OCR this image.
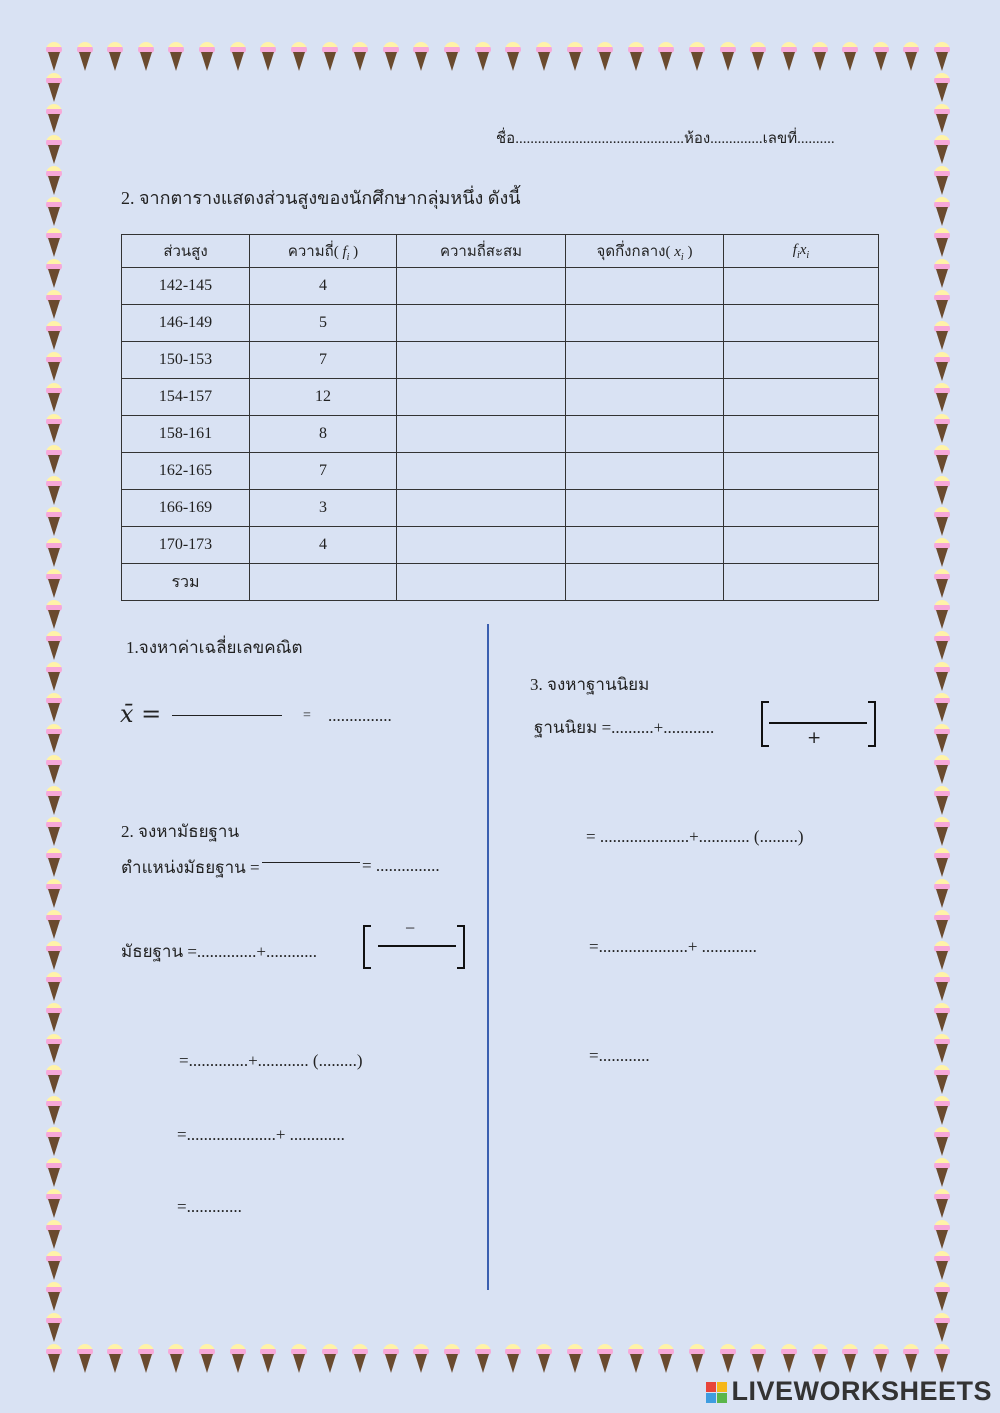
ชื่อ.............................................ห้อง..............เลขที่..........
2. จากตารางแสดงส่วนสูงของนักศึกษากลุ่มหนึ่ง ดังนี้
ส่วนสูง	ความถี่( $f_i$ )	ความถี่สะสม	จุดกึ่งกลาง( $x_i$ )	$f_ix_i$
142-145	4			
146-149	5			
150-153	7			
154-157	12			
158-161	8			
162-165	7			
166-169	3			
170-173	4			
รวม				
1.จงหาค่าเฉลี่ยเลขคณิต
x̄ =	= ...............
2. จงหามัธยฐาน
ตำแหน่งมัธยฐาน =	= ...............
มัธยฐาน =..............+............
−
=..............+............ (.........)
=.....................+ .............
=.............
3. จงหาฐานนิยม
ฐานนิยม =..........+............
+
= .....................+............ (.........)
=.....................+ .............
=............
LIVEWORKSHEETS
